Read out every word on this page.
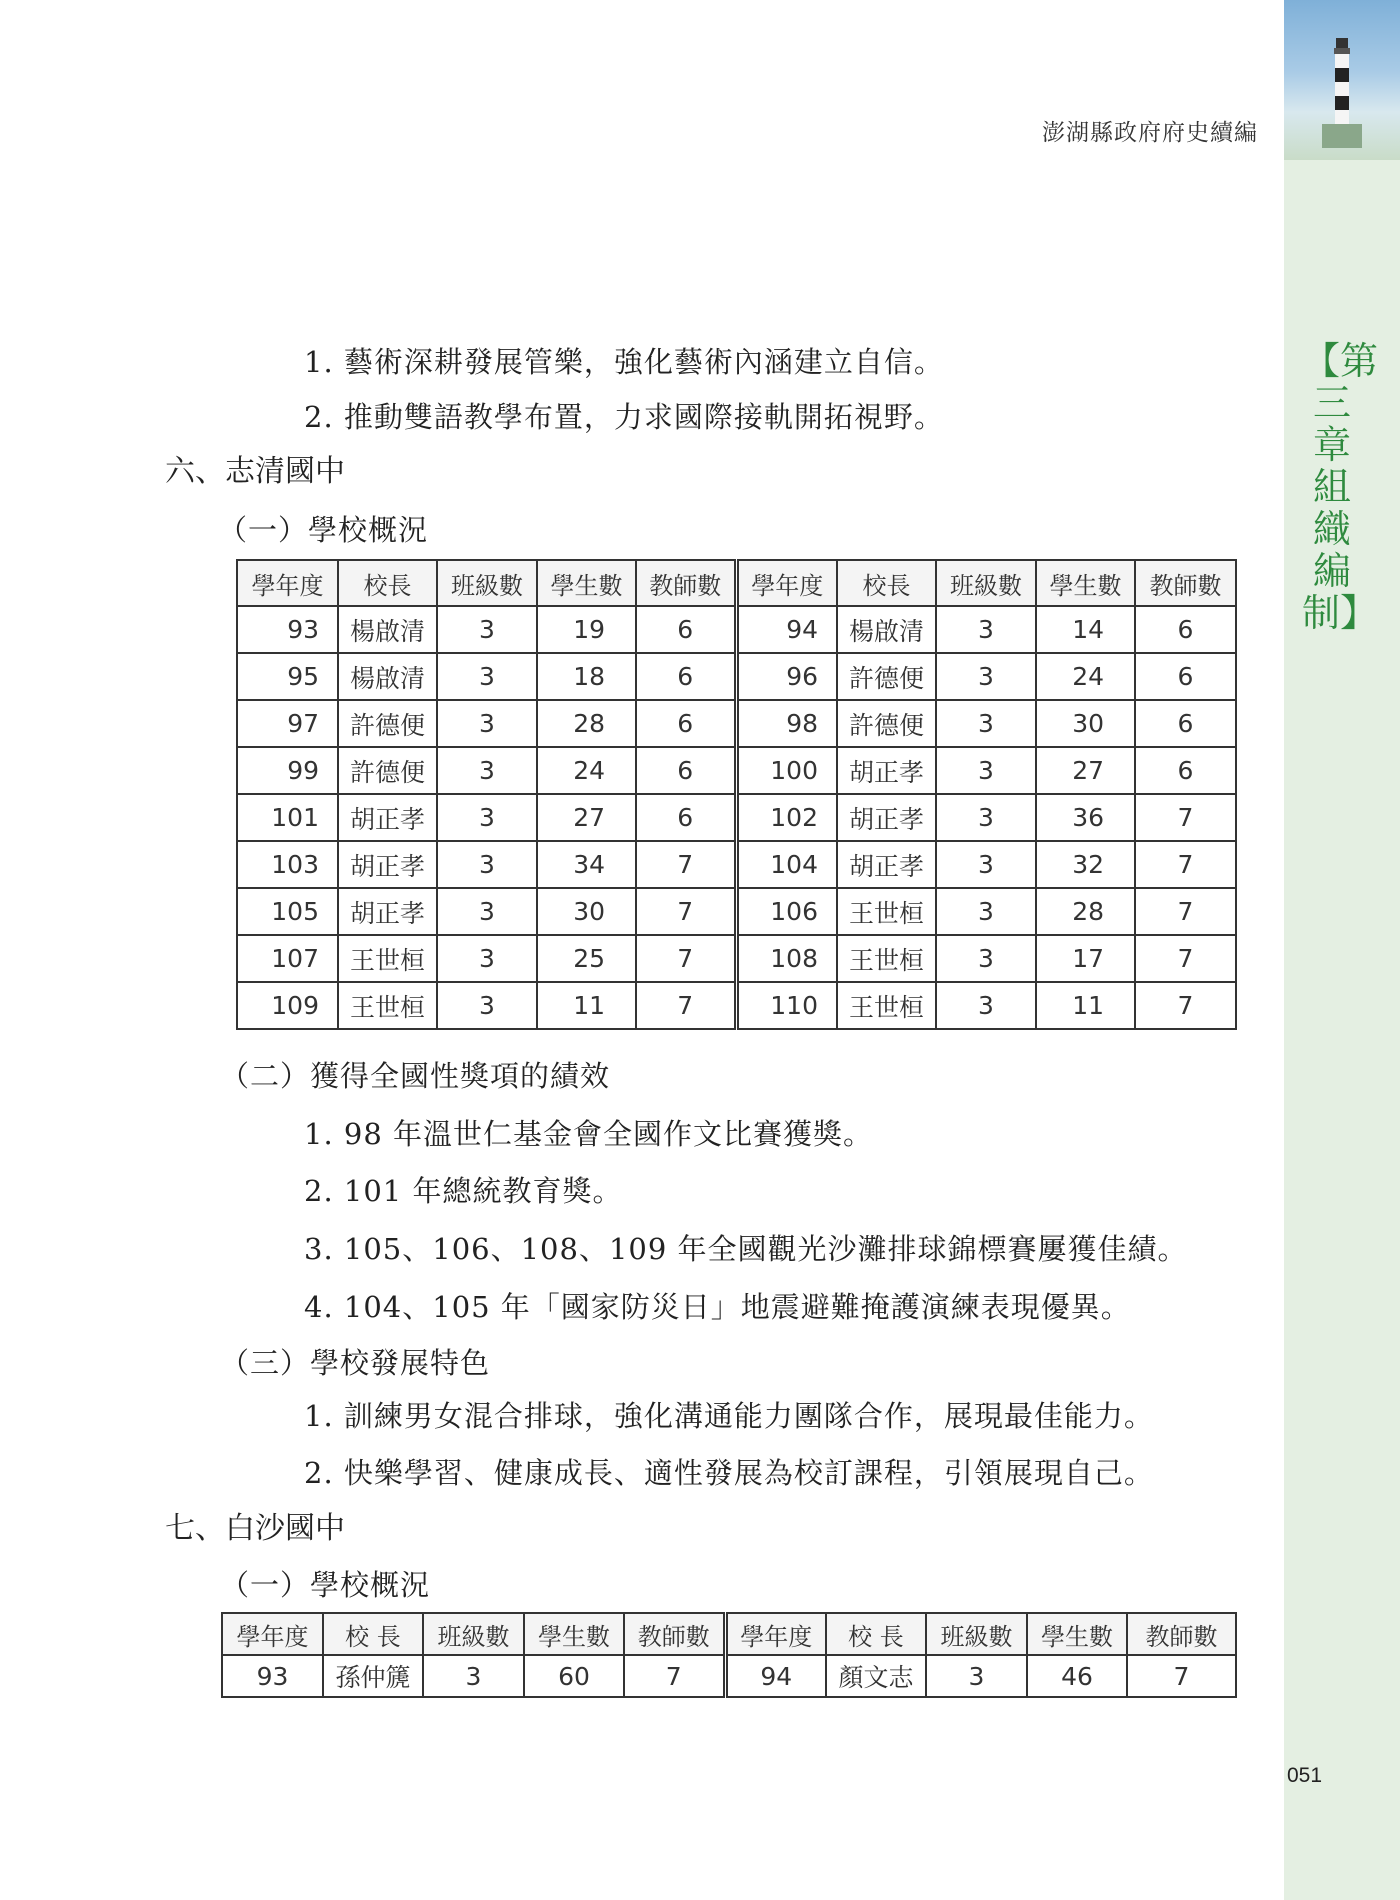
【第三章 組織編制】
051
澎湖縣政府府史續編
1. 藝術深耕發展管樂，強化藝術內涵建立自信。
2. 推動雙語教學布置，力求國際接軌開拓視野。
六、志清國中
（一）學校概況
學年度	校長	班級數	學生數	教師數	學年度	校長	班級數	學生數	教師數
93	楊啟清	3	19	6	94	楊啟清	3	14	6
95	楊啟清	3	18	6	96	許德便	3	24	6
97	許德便	3	28	6	98	許德便	3	30	6
99	許德便	3	24	6	100	胡正孝	3	27	6
101	胡正孝	3	27	6	102	胡正孝	3	36	7
103	胡正孝	3	34	7	104	胡正孝	3	32	7
105	胡正孝	3	30	7	106	王世桓	3	28	7
107	王世桓	3	25	7	108	王世桓	3	17	7
109	王世桓	3	11	7	110	王世桓	3	11	7
（二）獲得全國性獎項的績效
1. 98 年溫世仁基金會全國作文比賽獲獎。
2. 101 年總統教育獎。
3. 105、106、108、109 年全國觀光沙灘排球錦標賽屢獲佳績。
4. 104、105 年「國家防災日」地震避難掩護演練表現優異。
（三）學校發展特色
1. 訓練男女混合排球，強化溝通能力團隊合作，展現最佳能力。
2. 快樂學習、健康成長、適性發展為校訂課程，引領展現自己。
七、白沙國中
（一）學校概況
學年度	校 長	班級數	學生數	教師數	學年度	校 長	班級數	學生數	教師數
93	孫仲篪	3	60	7	94	顏文志	3	46	7
